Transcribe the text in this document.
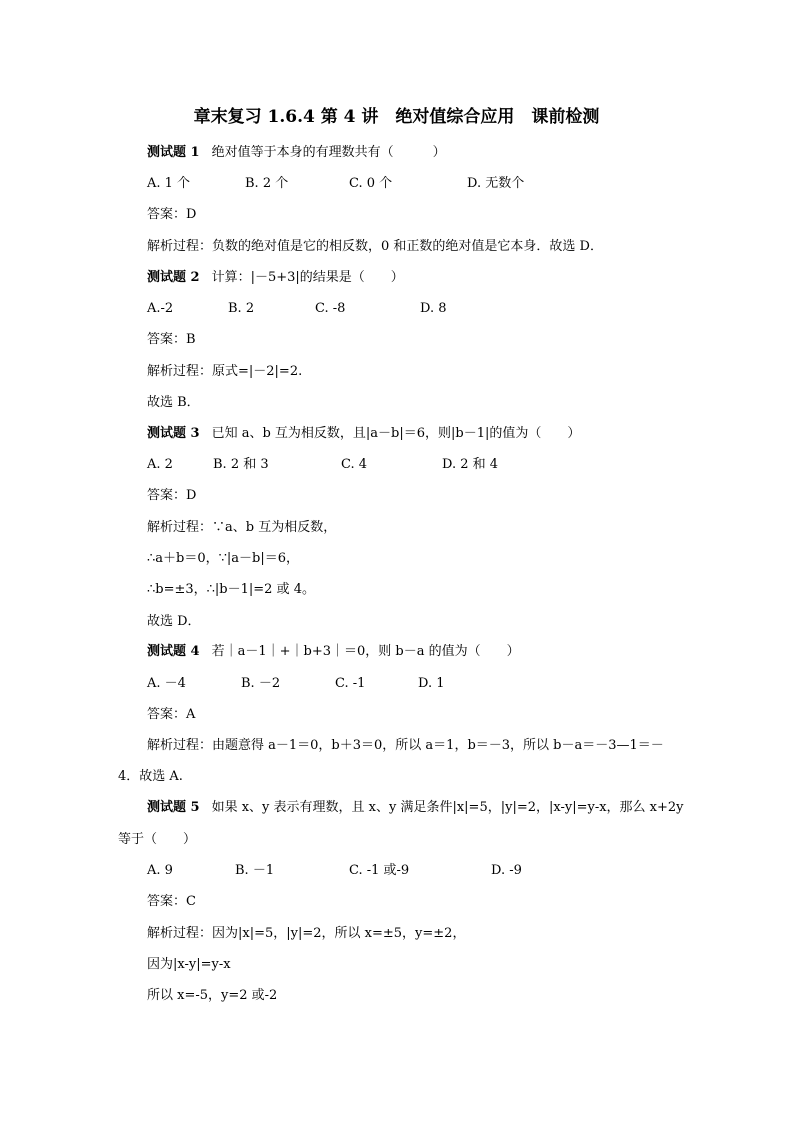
章末复习 1.6.4 第 4 讲　绝对值综合应用　课前检测
测试题 1 绝对值等于本身的有理数共有（　　　）
A. 1 个	B. 2 个	C. 0 个	D. 无数个
答案：D
解析过程：负数的绝对值是它的相反数，0 和正数的绝对值是它本身．故选 D．
测试题 2 计算：|－5+3|的结果是（　　）
A.-2	B. 2	C. -8	D. 8
答案：B
解析过程：原式=|－2|=2.
故选 B．
测试题 3 已知 a、b 互为相反数，且|a－b|＝6，则|b－1|的值为（　　）
A. 2	B. 2 和 3	C. 4	D. 2 和 4
答案：D
解析过程：∵a、b 互为相反数，
∴a＋b＝0，∵|a－b|＝6，
∴b=±3，∴|b－1|=2 或 4。
故选 D．
测试题 4 若｜a－1｜+｜b+3｜＝0，则 b－a 的值为（　　）
A. －4	B. －2	C. -1	D. 1
答案：A
解析过程：由题意得 a－1＝0，b＋3＝0，所以 a＝1，b＝－3，所以 b－a＝－3—1＝－
4．故选 A.
测试题 5 如果 x、y 表示有理数，且 x、y 满足条件|x|=5，|y|=2，|x-y|=y-x，那么 x+2y
等于（　　）
A. 9	B. －1	C. -1 或-9	D. -9
答案：C
解析过程：因为|x|=5，|y|=2，所以 x=±5，y=±2，
因为|x-y|=y-x
所以 x=-5，y=2 或-2
